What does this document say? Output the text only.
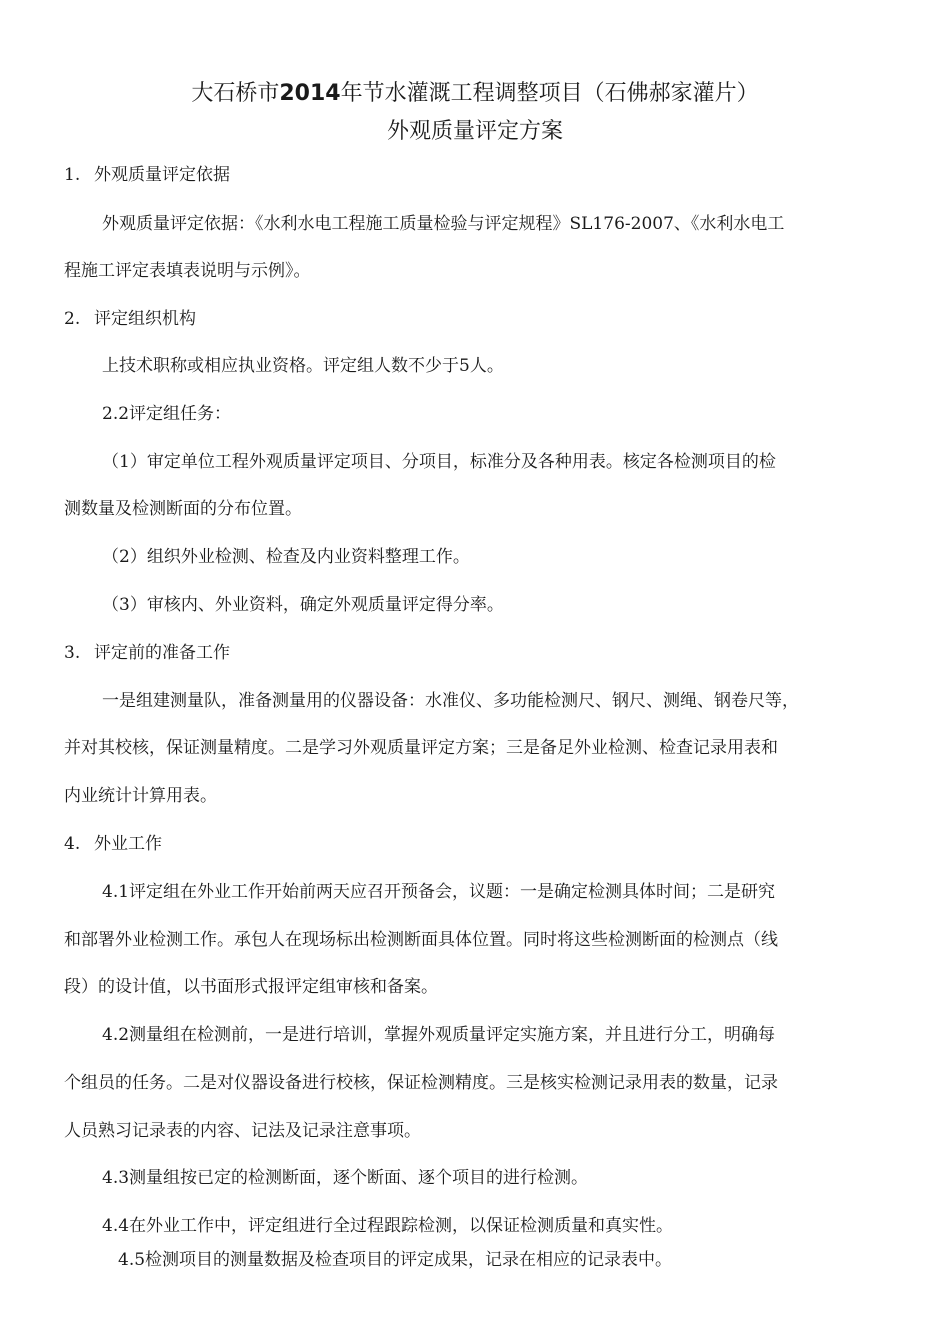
大石桥市2014年节水灌溉工程调整项目（石佛郝家灌片）
外观质量评定方案
1. 外观质量评定依据
外观质量评定依据：《水利水电工程施工质量检验与评定规程》SL176-2007、《水利水电工
程施工评定表填表说明与示例》。
2. 评定组织机构
上技术职称或相应执业资格。评定组人数不少于5人。
2.2评定组任务：
（1）审定单位工程外观质量评定项目、分项目，标准分及各种用表。核定各检测项目的检
测数量及检测断面的分布位置。
（2）组织外业检测、检查及内业资料整理工作。
（3）审核内、外业资料，确定外观质量评定得分率。
3. 评定前的准备工作
一是组建测量队，准备测量用的仪器设备：水准仪、多功能检测尺、钢尺、测绳、钢卷尺等，
并对其校核，保证测量精度。二是学习外观质量评定方案；三是备足外业检测、检查记录用表和
内业统计计算用表。
4. 外业工作
4.1评定组在外业工作开始前两天应召开预备会，议题：一是确定检测具体时间；二是研究
和部署外业检测工作。承包人在现场标出检测断面具体位置。同时将这些检测断面的检测点（线
段）的设计值，以书面形式报评定组审核和备案。
4.2测量组在检测前，一是进行培训，掌握外观质量评定实施方案，并且进行分工，明确每
个组员的任务。二是对仪器设备进行校核，保证检测精度。三是核实检测记录用表的数量，记录
人员熟习记录表的内容、记法及记录注意事项。
4.3测量组按已定的检测断面，逐个断面、逐个项目的进行检测。
4.4在外业工作中，评定组进行全过程跟踪检测，以保证检测质量和真实性。
4.5检测项目的测量数据及检查项目的评定成果，记录在相应的记录表中。
